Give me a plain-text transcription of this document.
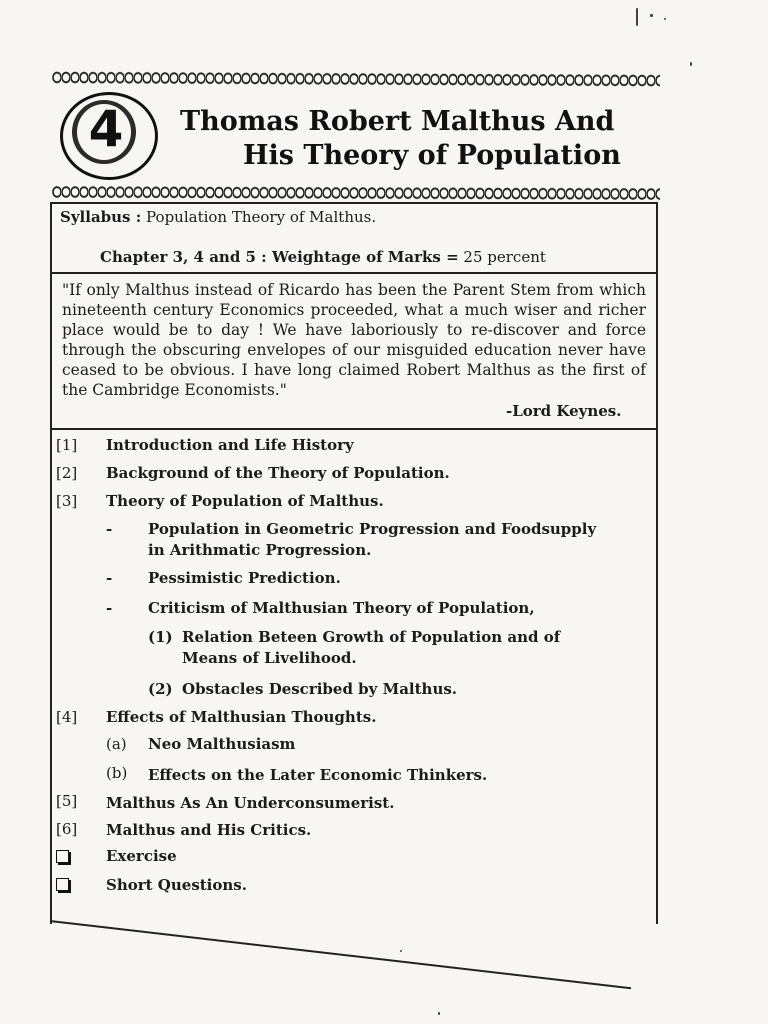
4	Thomas Robert Malthus And
His Theory of Population
Syllabus : Population Theory of Malthus.
Chapter 3, 4 and 5 : Weightage of Marks = 25 percent
"If only Malthus instead of Ricardo has been the Parent Stem from which nineteenth century Economics proceeded, what a much wiser and richer place would be to day ! We have laboriously to re-discover and force through the obscuring envelopes of our misguided education never have ceased to be obvious. I have long claimed Robert Malthus as the first of the Cambridge Economists."
-Lord Keynes.
[1] Introduction and Life History
[2] Background of the Theory of Population.
[3] Theory of Population of Malthus.
- Population in Geometric Progression and Foodsupply
in Arithmatic Progression.
- Pessimistic Prediction.
- Criticism of Malthusian Theory of Population,
(1) Relation Beteen Growth of Population and of
Means of Livelihood.
(2) Obstacles Described by Malthus.
[4] Effects of Malthusian Thoughts.
(a) Neo Malthusiasm
(b) Effects on the Later Economic Thinkers.
[5] Malthus As An Underconsumerist.
[6] Malthus and His Critics.
Exercise
Short Questions.
